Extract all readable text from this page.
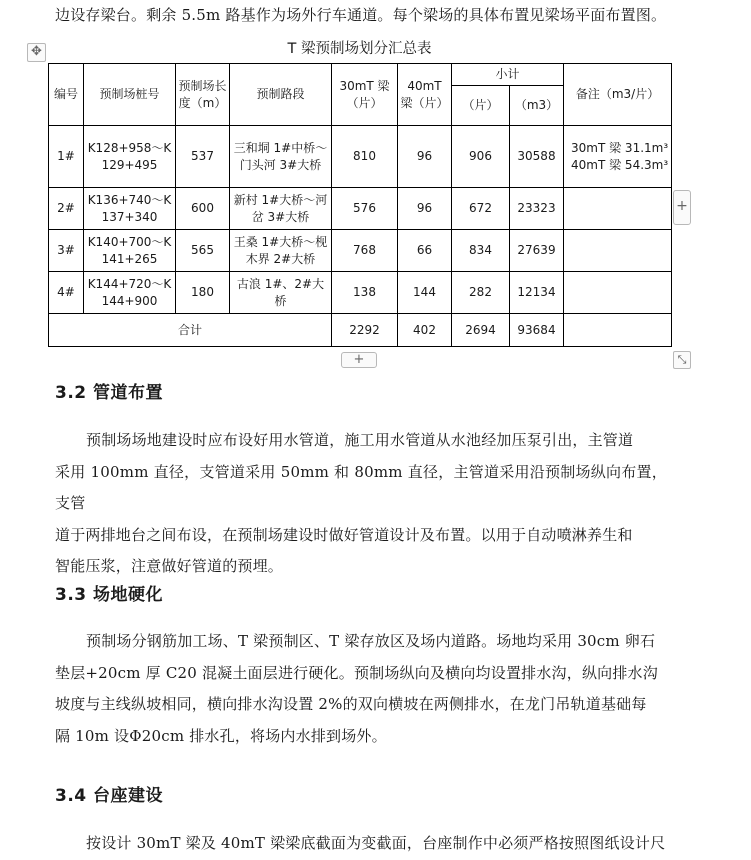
边设存梁台。剩余 5.5m 路基作为场外行车通道。每个梁场的具体布置见梁场平面布置图。
✥	T 梁预制场划分汇总表
编号	预制场桩号	预制场长度（m）	预制路段	30mT 梁（片）	40mT 梁（片）	小计		备注（m3/片）
						（片）	（m3）	
1#	K128+958～K129+495	537	三和垌 1#中桥～门头河 3#大桥	810	96	906	30588	30mT 梁 31.1m³
40mT 梁 54.3m³

2#	K136+740～K137+340	600	新村 1#大桥～河岔 3#大桥	576	96	672	23323	
3#	K140+700～K141+265	565	王桑 1#大桥～枧木界 2#大桥	768	66	834	27639	
4#	K144+720～K144+900	180	古浪 1#、2#大桥	138	144	282	12134	
合计				2292	402	2694	93684	
+
+	⤡
3.2 管道布置
预制场场地建设时应布设好用水管道，施工用水管道从水池经加压泵引出，主管道
采用 100mm 直径，支管道采用 50mm 和 80mm 直径，主管道采用沿预制场纵向布置，支管
道于两排地台之间布设，在预制场建设时做好管道设计及布置。以用于自动喷淋养生和
智能压浆，注意做好管道的预埋。
3.3 场地硬化
预制场分钢筋加工场、T 梁预制区、T 梁存放区及场内道路。场地均采用 30cm 卵石
垫层+20cm 厚 C20 混凝土面层进行硬化。预制场纵向及横向均设置排水沟，纵向排水沟
坡度与主线纵坡相同，横向排水沟设置 2%的双向横坡在两侧排水，在龙门吊轨道基础每
隔 10m 设Φ20cm 排水孔，将场内水排到场外。
3.4 台座建设
按设计 30mT 梁及 40mT 梁梁底截面为变截面，台座制作中必须严格按照图纸设计尺
